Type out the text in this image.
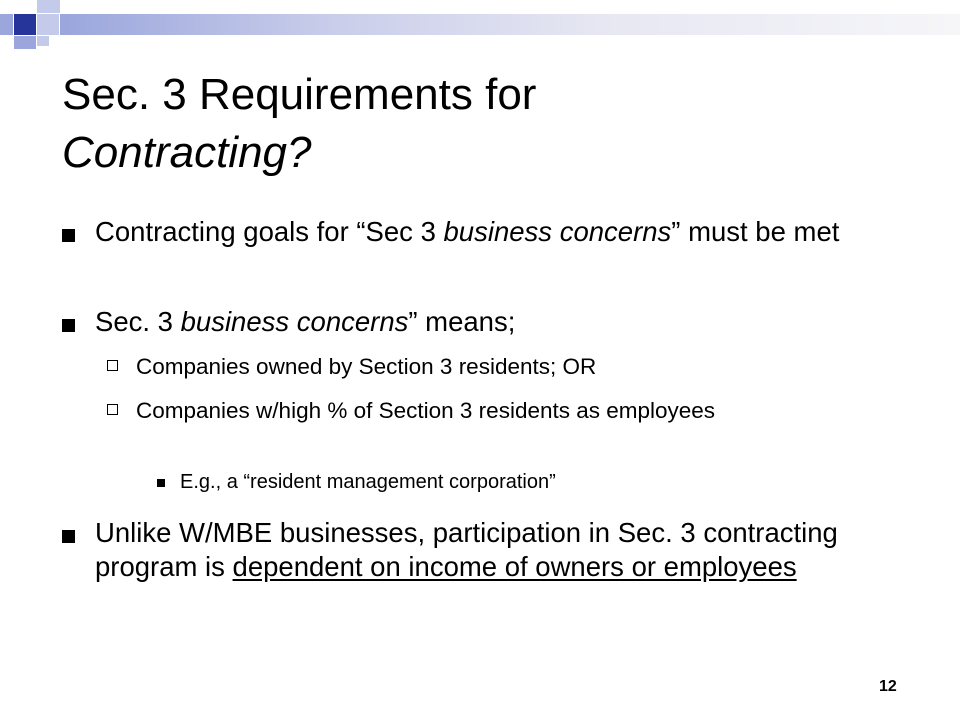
Sec. 3 Requirements for
Contracting?
Contracting goals for “Sec 3 business concerns” must be met
Sec. 3 business concerns” means;
Companies owned by Section 3 residents; OR
Companies w/high % of Section 3 residents as employees
E.g., a “resident management corporation”
Unlike W/MBE businesses, participation in Sec. 3 contracting program is dependent on income of owners or employees
12
